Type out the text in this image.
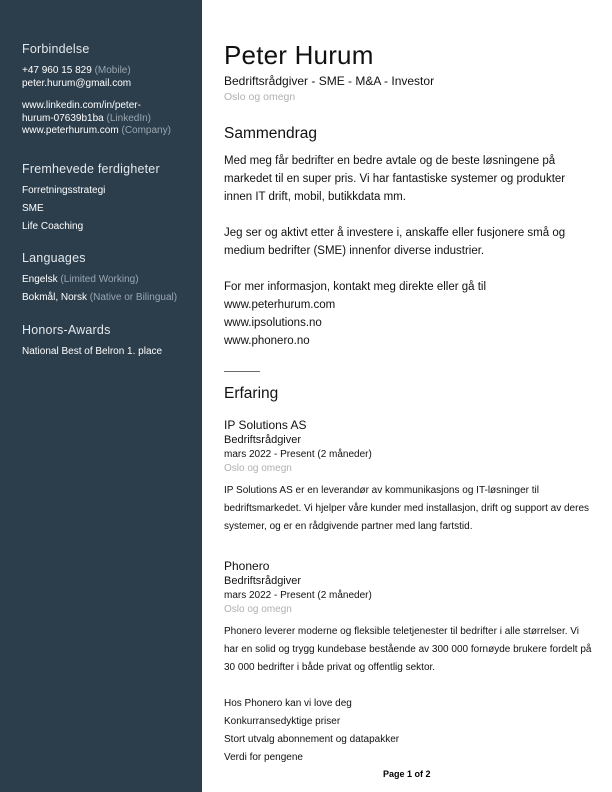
Forbindelse
+47 960 15 829 (Mobile)
peter.hurum@gmail.com
www.linkedin.com/in/peter-
hurum-07639b1ba (LinkedIn)
www.peterhurum.com (Company)
Fremhevede ferdigheter
Forretningsstrategi
SME
Life Coaching
Languages
Engelsk (Limited Working)
Bokmål, Norsk (Native or Bilingual)
Honors-Awards
National Best of Belron 1. place
Peter Hurum
Bedriftsrådgiver - SME - M&A - Investor
Oslo og omegn
Sammendrag

Med meg får bedrifter en bedre avtale og de beste løsningene på markedet til en super pris. Vi har fantastiske systemer og produkter innen IT drift, mobil, butikkdata mm.

Jeg ser og aktivt etter å investere i, anskaffe eller fusjonere små og medium bedrifter (SME) innenfor diverse industrier.

For mer informasjon, kontakt meg direkte eller gå til

www.peterhurum.com

www.ipsolutions.no

www.phonero.no

Erfaring
IP Solutions AS
Bedriftsrådgiver
mars 2022 - Present (2 måneder)
Oslo og omegn

IP Solutions AS er en leverandør av kommunikasjons og IT-løsninger til bedriftsmarkedet. Vi hjelper våre kunder med installasjon, drift og support av deres systemer, og er en rådgivende partner med lang fartstid.

Phonero
Bedriftsrådgiver
mars 2022 - Present (2 måneder)
Oslo og omegn

Phonero leverer moderne og fleksible teletjenester til bedrifter i alle størrelser. Vi har en solid og trygg kundebase bestående av 300 000 fornøyde brukere fordelt på 30 000 bedrifter i både privat og offentlig sektor.

Hos Phonero kan vi love deg
Konkurransedyktige priser
Stort utvalg abonnement og datapakker
Verdi for pengene
Page 1 of 2
